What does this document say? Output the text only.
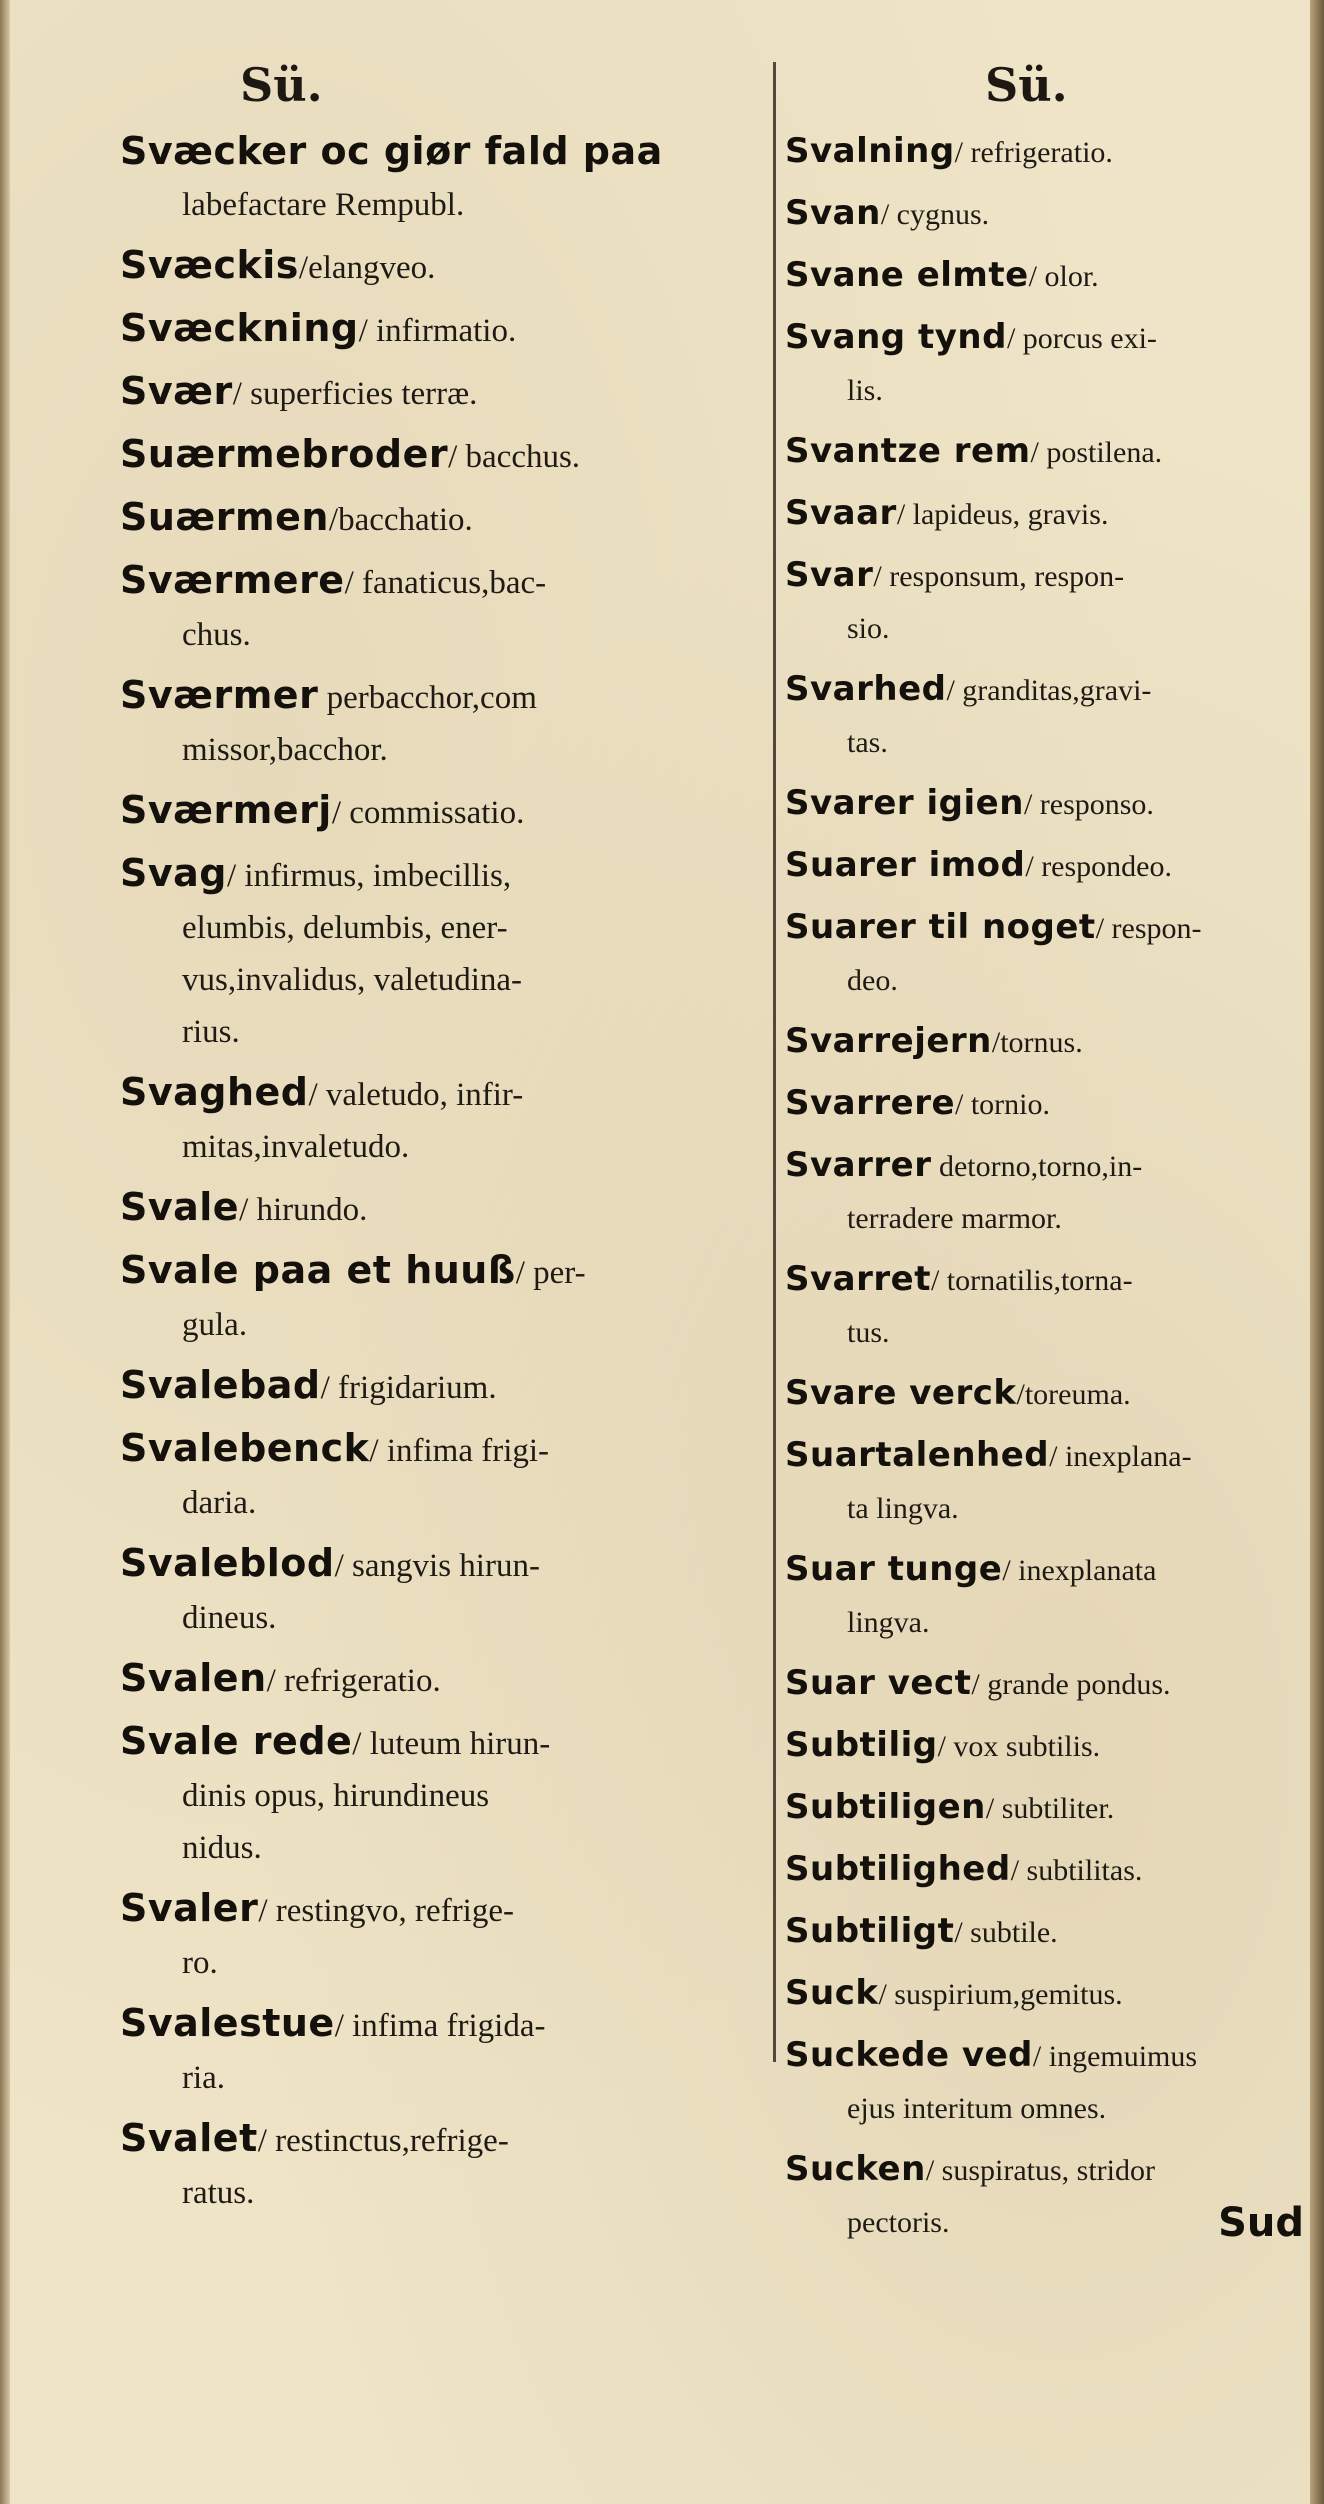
Sü.
Svæcker oc giør fald paa
labefactare Rempubl.
Svæckis/elangveo.
Svæckning/ infirmatio.
Svær/ superficies terræ.
Suærmebroder/ bacchus.
Suærmen/bacchatio.
Sværmere/ fanaticus,bac-
chus.
Sværmer perbacchor,com
missor,bacchor.
Sværmerj/ commissatio.
Svag/ infirmus, imbecillis,
elumbis, delumbis, ener-
vus,invalidus, valetudina-
rius.
Svaghed/ valetudo, infir-
mitas,invaletudo.
Svale/ hirundo.
Svale paa et huuß/ per-
gula.
Svalebad/ frigidarium.
Svalebenck/ infima frigi-
daria.
Svaleblod/ sangvis hirun-
dineus.
Svalen/ refrigeratio.
Svale rede/ luteum hirun-
dinis opus, hirundineus
nidus.
Svaler/ restingvo, refrige-
ro.
Svalestue/ infima frigida-
ria.
Svalet/ restinctus,refrige-
ratus.
Sü.
Svalning/ refrigeratio.
Svan/ cygnus.
Svane elmte/ olor.
Svang tynd/ porcus exi-
lis.
Svantze rem/ postilena.
Svaar/ lapideus, gravis.
Svar/ responsum, respon-
sio.
Svarhed/ granditas,gravi-
tas.
Svarer igien/ responso.
Suarer imod/ respondeo.
Suarer til noget/ respon-
deo.
Svarrejern/tornus.
Svarrere/ tornio.
Svarrer detorno,torno,in-
terradere marmor.
Svarret/ tornatilis,torna-
tus.
Svare verck/toreuma.
Suartalenhed/ inexplana-
ta lingva.
Suar tunge/ inexplanata
lingva.
Suar vect/ grande pondus.
Subtilig/ vox subtilis.
Subtiligen/ subtiliter.
Subtilighed/ subtilitas.
Subtiligt/ subtile.
Suck/ suspirium,gemitus.
Suckede ved/ ingemuimus
ejus interitum omnes.
Sucken/ suspiratus, stridor
pectoris.	Sud
